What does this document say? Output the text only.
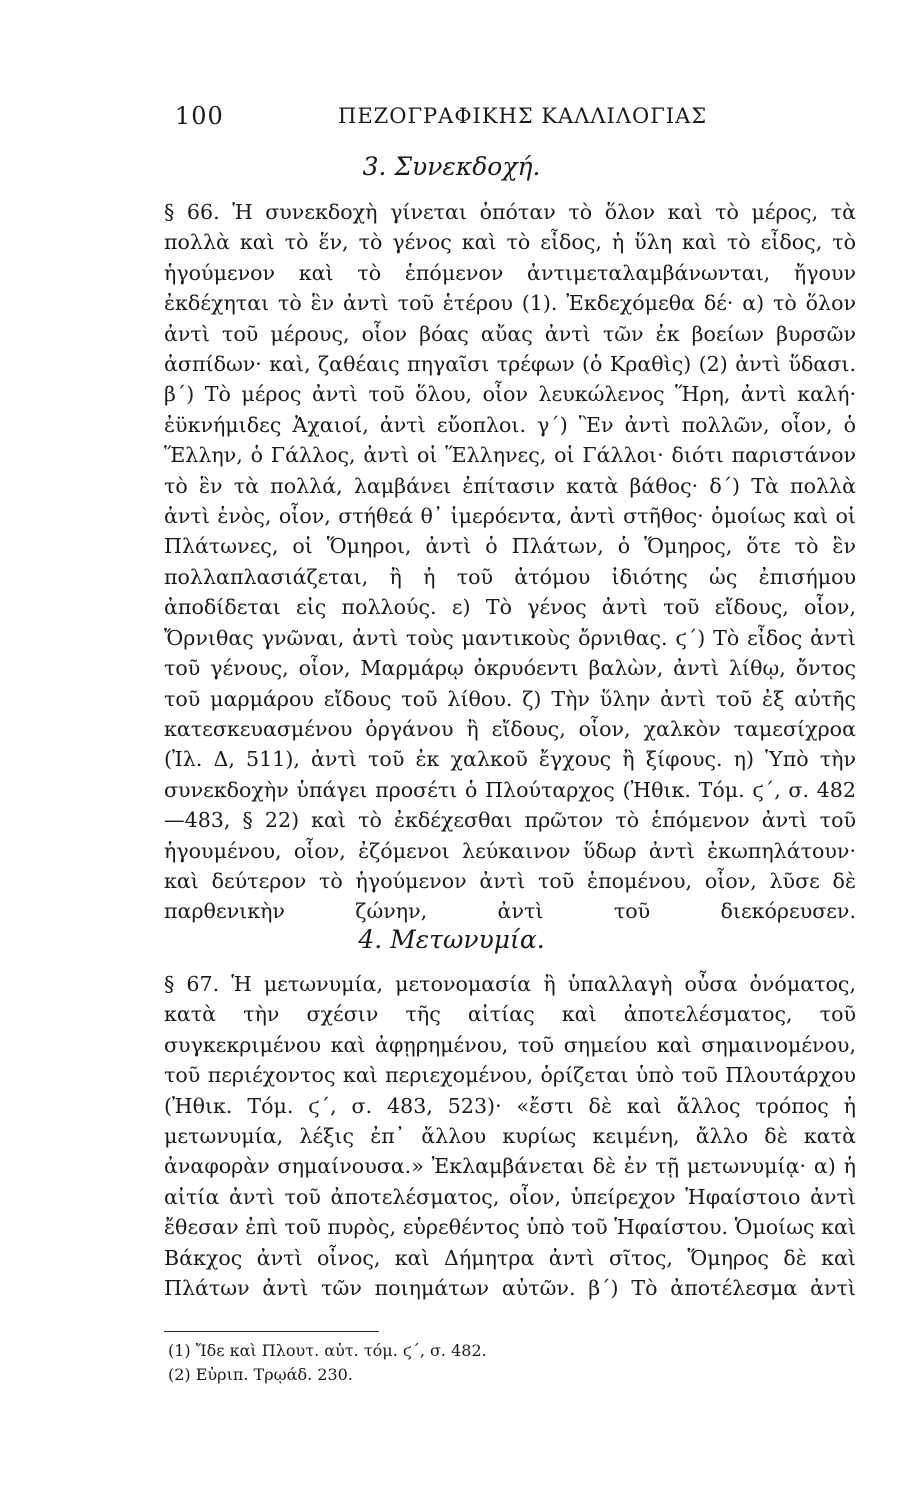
100	ΠΕΖΟΓΡΑΦΙΚΗΣ ΚΑΛΛΙΛΟΓΙΑΣ
3. Συνεκδοχή.

§ 66. Ἡ συνεκδοχὴ γίνεται ὁπόταν τὸ ὅλον καὶ τὸ μέρος, τὰ πολλὰ καὶ τὸ ἕν, τὸ γένος καὶ τὸ εἶδος, ἡ ὕλη καὶ τὸ εἶδος, τὸ ἡγούμενον καὶ τὸ ἑπόμενον ἀντιμεταλαμβάνωνται, ἤγουν ἐκδέχηται τὸ ἓν ἀντὶ τοῦ ἑτέρου (1). Ἐκδεχόμεθα δέ· α) τὸ ὅλον ἀντὶ τοῦ μέρους, οἷον βόας αὔας ἀντὶ τῶν ἐκ βοείων βυρσῶν ἀσπίδων· καὶ, ζαθέαις πηγαῖσι τρέφων (ὁ Κραθὶς) (2) ἀντὶ ὕδασι. β΄) Τὸ μέρος ἀντὶ τοῦ ὅλου, οἷον λευκώλενος Ἥρη, ἀντὶ καλή· ἐϋκνήμιδες Ἀχαιοί, ἀντὶ εὔοπλοι. γ΄) Ἓν ἀντὶ πολλῶν, οἷον, ὁ Ἕλλην, ὁ Γάλλος, ἀντὶ οἱ Ἕλληνες, οἱ Γάλλοι· διότι παριστάνον τὸ ἓν τὰ πολλά, λαμβάνει ἐπίτασιν κατὰ βάθος· δ΄) Τὰ πολλὰ ἀντὶ ἑνὸς, οἷον, στήθεά θ᾽ ἱμερόεντα, ἀντὶ στῆθος· ὁμοίως καὶ οἱ Πλάτωνες, οἱ Ὅμηροι, ἀντὶ ὁ Πλάτων, ὁ Ὅμηρος, ὅτε τὸ ἓν πολλαπλασιάζεται, ἢ ἡ τοῦ ἀτόμου ἰδιότης ὡς ἐπισήμου ἀποδίδεται εἰς πολλούς. ε) Τὸ γένος ἀντὶ τοῦ εἴδους, οἷον, Ὄρνιθας γνῶναι, ἀντὶ τοὺς μαντικοὺς ὄρνιθας. ϛ΄) Τὸ εἶδος ἀντὶ τοῦ γένους, οἷον, Μαρμάρῳ ὀκρυόεντι βαλὼν, ἀντὶ λίθῳ, ὄντος τοῦ μαρμάρου εἴδους τοῦ λίθου. ζ) Τὴν ὕλην ἀντὶ τοῦ ἐξ αὐτῆς κατεσκευασμένου ὀργάνου ἢ εἴδους, οἷον, χαλκὸν ταμεσίχροα (Ἰλ. Δ, 511), ἀντὶ τοῦ ἐκ χαλκοῦ ἔγχους ἢ ξίφους. η) Ὑπὸ τὴν συνεκδοχὴν ὑπάγει προσέτι ὁ Πλούταρχος (Ἠθικ. Τόμ. ϛ΄, σ. 482—483, § 22) καὶ τὸ ἐκδέχεσθαι πρῶτον τὸ ἑπόμενον ἀντὶ τοῦ ἡγουμένου, οἷον, ἐζόμενοι λεύκαινον ὕδωρ ἀντὶ ἐκωπηλάτουν· καὶ δεύτερον τὸ ἡγούμενον ἀντὶ τοῦ ἑπομένου, οἷον, λῦσε δὲ παρθενικὴν ζώνην, ἀντὶ τοῦ διεκόρευσεν.

4. Μετωνυμία.

§ 67. Ἡ μετωνυμία, μετονομασία ἢ ὑπαλλαγὴ οὖσα ὀνόματος, κατὰ τὴν σχέσιν τῆς αἰτίας καὶ ἀποτελέσματος, τοῦ συγκεκριμένου καὶ ἀφῃρημένου, τοῦ σημείου καὶ σημαινομένου, τοῦ περιέχοντος καὶ περιεχομένου, ὁρίζεται ὑπὸ τοῦ Πλουτάρχου (Ἠθικ. Τόμ. ϛ΄, σ. 483, 523)· «ἔστι δὲ καὶ ἄλλος τρόπος ἡ μετωνυμία, λέξις ἐπ᾽ ἄλλου κυρίως κειμένη, ἄλλο δὲ κατὰ ἀναφορὰν σημαίνουσα.» Ἐκλαμβάνεται δὲ ἐν τῇ μετωνυμίᾳ· α) ἡ αἰτία ἀντὶ τοῦ ἀποτελέσματος, οἷον, ὑπείρεχον Ἡφαίστοιο ἀντὶ ἔθεσαν ἐπὶ τοῦ πυρὸς, εὑρεθέντος ὑπὸ τοῦ Ἡφαίστου. Ὁμοίως καὶ Βάκχος ἀντὶ οἶνος, καὶ Δήμητρα ἀντὶ σῖτος, Ὅμηρος δὲ καὶ Πλάτων ἀντὶ τῶν ποιημάτων αὐτῶν. β΄) Τὸ ἀποτέλεσμα ἀντὶ

(1) Ἴδε καὶ Πλουτ. αὐτ. τόμ. ϛ΄, σ. 482.

(2) Εὐριπ. Τρῳάδ. 230.
